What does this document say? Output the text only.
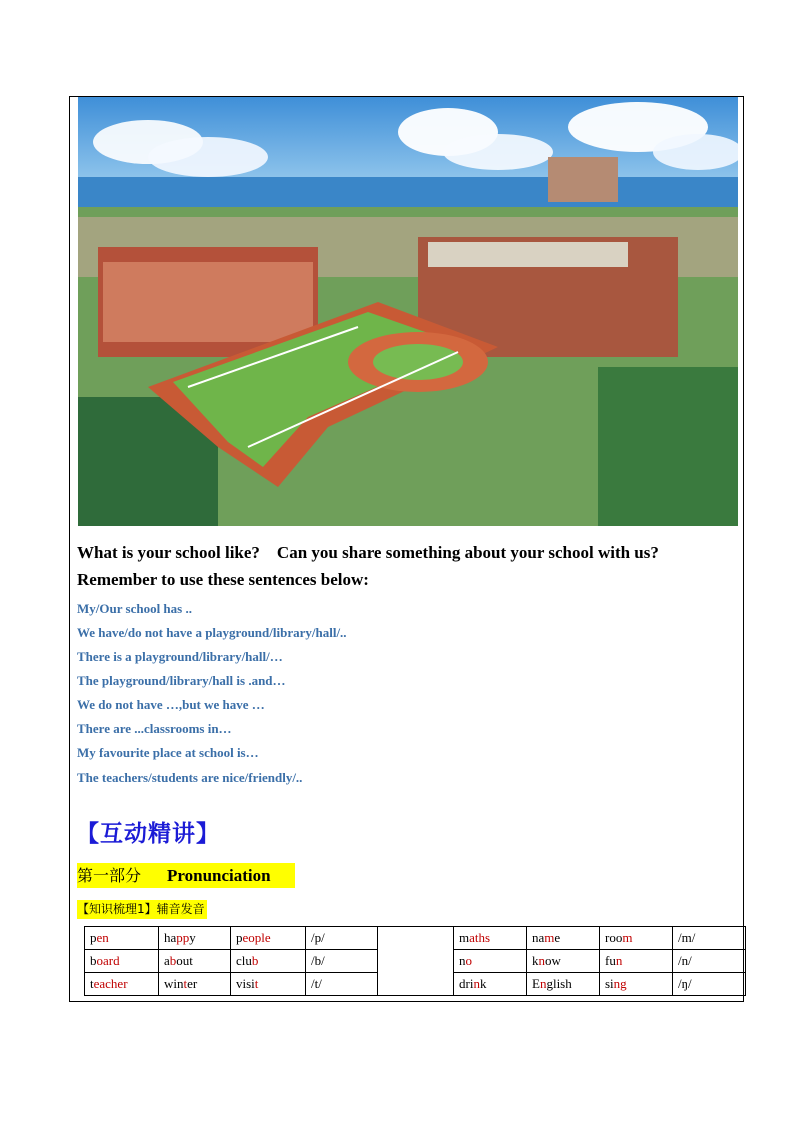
What is your school like?　Can you share something about your school with us?
Remember to use these sentences below:
My/Our school has ..
We have/do not have a playground/library/hall/..
There is a playground/library/hall/…
The playground/library/hall is .and…
We do not have …,but we have …
There are ...classrooms in…
My favourite place at school is…
The teachers/students are nice/friendly/..
【互动精讲】
第一部分 Pronunciation
【知识梳理1】辅音发音
pen	happy	people	/p/		maths	name	room	/m/
board	about	club	/b/		no	know	fun	/n/
teacher	winter	visit	/t/		drink	English	sing	/ŋ/
